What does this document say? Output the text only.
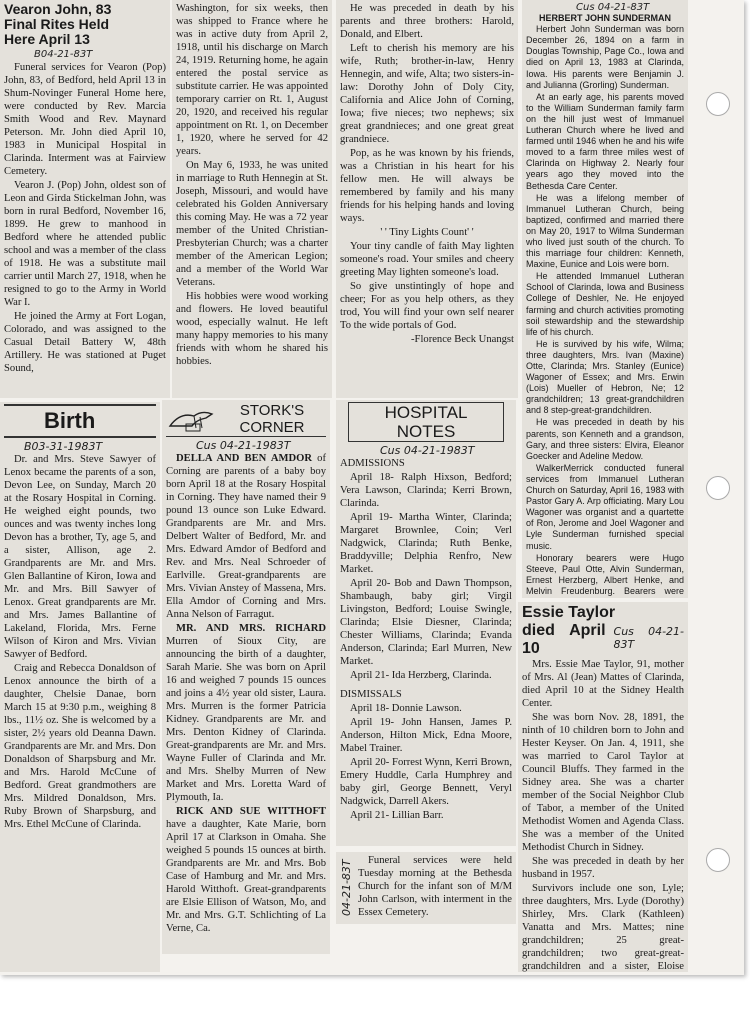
Vearon John, 83
Final Rites Held
Here April 13
B04-21-83T

Funeral services for Vearon (Pop) John, 83, of Bedford, held April 13 in Shum-Novinger Funeral Home here, were conducted by Rev. Marcia Smith Wood and Rev. Maynard Peterson. Mr. John died April 10, 1983 in Municipal Hospital in Clarinda. Interment was at Fairview Cemetery.

Vearon J. (Pop) John, oldest son of Leon and Girda Stickelman John, was born in rural Bedford, November 16, 1899. He grew to manhood in Bedford where he attended public school and was a member of the class of 1918. He was a substitute mail carrier until March 27, 1918, when he resigned to go to the Army in World War I.

He joined the Army at Fort Logan, Colorado, and was assigned to the Casual Detail Battery W, 48th Artillery. He was stationed at Puget Sound,

Washington, for six weeks, then was shipped to France where he was in active duty from April 2, 1918, until his discharge on March 24, 1919. Returning home, he again entered the postal service as substitute carrier. He was appointed temporary carrier on Rt. 1, August 20, 1920, and received his regular appointment on Rt. 1, on December 1, 1920, where he served for 42 years.

On May 6, 1933, he was united in marriage to Ruth Hennegin at St. Joseph, Missouri, and would have celebrated his Golden Anniversary this coming May. He was a 72 year member of the United Christian-Presbyterian Church; was a charter member of the American Legion; and a member of the World War Veterans.

His hobbies were wood working and flowers. He loved beautiful wood, especially walnut. He left many happy memories to his many friends with whom he shared his hobbies.

He was preceded in death by his parents and three brothers: Harold, Donald, and Elbert.

Left to cherish his memory are his wife, Ruth; brother-in-law, Henry Hennegin, and wife, Alta; two sisters-in-law: Dorothy John of Doly City, California and Alice John of Corning, Iowa; five nieces; two nephews; six great grandnieces; and one great great grandniece.

Pop, as he was known by his friends, was a Christian in his heart for his fellow men. He will always be remembered by family and his many friends for his helping hands and loving ways.

' ' Tiny Lights Count' '

Your tiny candle of faith May lighten someone's road. Your smiles and cheery greeting May lighten someone's load.

So give unstintingly of hope and cheer; For as you help others, as they trod, You will find your own self nearer To the wide portals of God.

-Florence Beck Unangst

Cus 04-21-83T
HERBERT JOHN SUNDERMAN

Herbert John Sunderman was born December 26, 1894 on a farm in Douglas Township, Page Co., Iowa and died on April 13, 1983 at Clarinda, Iowa. His parents were Benjamin J. and Julianna (Grorling) Sunderman.

At an early age, his parents moved to the William Sunderman family farm on the hill just west of Immanuel Lutheran Church where he lived and farmed until 1946 when he and his wife moved to a farm three miles west of Clarinda on Highway 2. Nearly four years ago they moved into the Bethesda Care Center.

He was a lifelong member of Immanuel Lutheran Church, being baptized, confirmed and married there on May 20, 1917 to Wilma Sunderman who lived just south of the church. To this marriage four children: Kenneth, Maxine, Eunice and Lois were born.

He attended Immanuel Lutheran School of Clarinda, Iowa and Business College of Deshler, Ne. He enjoyed farming and church activities promoting soil stewardship and the stewardship life of his church.

He is survived by his wife, Wilma; three daughters, Mrs. Ivan (Maxine) Otte, Clarinda; Mrs. Stanley (Eunice) Wagoner of Essex; and Mrs. Erwin (Lois) Mueller of Hebron, Ne; 12 grandchildren; 13 great-grandchildren and 8 step-great-grandchildren.

He was preceded in death by his parents, son Kenneth and a grandson, Gary, and three sisters: Elvira, Eleanor Goecker and Adeline Medow.

WalkerMerrick conducted funeral services from Immanuel Lutheran Church on Saturday, April 16, 1983 with Pastor Gary A. Arp officiating. Mary Lou Wagoner was organist and a quartette of Ron, Jerome and Joel Wagoner and Lyle Sunderman furnished special music.

Honorary bearers were Hugo Steeve, Paul Otte, Alvin Sunderman, Ernest Herzberg, Albert Henke, and Melvin Freudenburg. Bearers were

Birth
B03-31-1983T

Dr. and Mrs. Steve Sawyer of Lenox became the parents of a son, Devon Lee, on Sunday, March 20 at the Rosary Hospital in Corning. He weighed eight pounds, two ounces and was twenty inches long Devon has a brother, Ty, age 5, and a sister, Allison, age 2. Grandparents are Mr. and Mrs. Glen Ballantine of Kiron, Iowa and Mr. and Mrs. Bill Sawyer of Lenox. Great grandparents are Mr. and Mrs. James Ballantine of Lakeland, Florida, Mrs. Ferne Wilson of Kiron and Mrs. Vivian Sawyer of Bedford.

Craig and Rebecca Donaldson of Lenox announce the birth of a daughter, Chelsie Danae, born March 15 at 9:30 p.m., weighing 8 lbs., 11½ oz. She is welcomed by a sister, 2½ years old Deanna Dawn. Grandparents are Mr. and Mrs. Don Donaldson of Sharpsburg and Mr. and Mrs. Harold McCune of Bedford. Great grandmothers are Mrs. Mildred Donaldson, Mrs. Ruby Brown of Sharpsburg, and Mrs. Ethel McCune of Clarinda.

STORK'S
CORNER
Cus 04-21-1983T

DELLA AND BEN AMDOR of Corning are parents of a baby boy born April 18 at the Rosary Hospital in Corning. They have named their 9 pound 13 ounce son Luke Edward. Grandparents are Mr. and Mrs. Delbert Walter of Bedford, Mr. and Mrs. Edward Amdor of Bedford and Rev. and Mrs. Neal Schroeder of Earlville. Great-grandparents are Mrs. Vivian Anstey of Massena, Mrs. Ella Amdor of Corning and Mrs. Anna Nelson of Farragut.

MR. AND MRS. RICHARD Murren of Sioux City, are announcing the birth of a daughter, Sarah Marie. She was born on April 16 and weighed 7 pounds 15 ounces and joins a 4½ year old sister, Laura. Mrs. Murren is the former Patricia Kidney. Grandparents are Mr. and Mrs. Denton Kidney of Clarinda. Great-grandparents are Mr. and Mrs. Wayne Fuller of Clarinda and Mr. and Mrs. Shelby Murren of New Market and Mrs. Loretta Ward of Plymouth, Ia.

RICK AND SUE WITTHOFT have a daughter, Kate Marie, born April 17 at Clarkson in Omaha. She weighed 5 pounds 15 ounces at birth. Grandparents are Mr. and Mrs. Bob Case of Hamburg and Mr. and Mrs. Harold Witthoft. Great-grandparents are Elsie Ellison of Watson, Mo, and Mr. and Mrs. G.T. Schlichting of La Verne, Ca.

HOSPITAL
NOTES
Cus 04-21-1983T

ADMISSIONS

April 18- Ralph Hixson, Bedford; Vera Lawson, Clarinda; Kerri Brown, Clarinda.

April 19- Martha Winter, Clarinda; Margaret Brownlee, Coin; Verl Nadgwick, Clarinda; Ruth Benke, Braddyville; Delphia Renfro, New Market.

April 20- Bob and Dawn Thompson, Shambaugh, baby girl; Virgil Livingston, Bedford; Louise Swingle, Clarinda; Elsie Diesner, Clarinda; Chester Williams, Clarinda; Evanda Anderson, Clarinda; Earl Murren, New Market.

April 21- Ida Herzberg, Clarinda.

DISMISSALS

April 18- Donnie Lawson.

April 19- John Hansen, James P. Anderson, Hilton Mick, Edna Moore, Mabel Trainer.

April 20- Forrest Wynn, Kerri Brown, Emery Huddle, Carla Humphrey and baby girl, George Bennett, Veryl Nadgwick, Darrell Akers.

April 21- Lillian Barr.

04-21-83T	Funeral services were held Tuesday morning at the Bethesda Church for the infant son of M/M John Carlson, with interment in the Essex Cemetery.

Essie Taylor
died April 10
Cus 04-21-83T

Mrs. Essie Mae Taylor, 91, mother of Mrs. Al (Jean) Mattes of Clarinda, died April 10 at the Sidney Health Center.

She was born Nov. 28, 1891, the ninth of 10 children born to John and Hester Keyser. On Jan. 4, 1911, she was married to Carol Taylor at Council Bluffs. They farmed in the Sidney area. She was a charter member of the Social Neighbor Club of Tabor, a member of the United Methodist Women and Agenda Class. She was a member of the United Methodist Church in Sidney.

She was preceded in death by her husband in 1957.

Survivors include one son, Lyle; three daughters, Mrs. Lyde (Dorothy) Shirley, Mrs. Clark (Kathleen) Vanatta and Mrs. Mattes; nine grandchildren; 25 great-grandchildren; two great-great-grandchildren and a sister, Eloise
